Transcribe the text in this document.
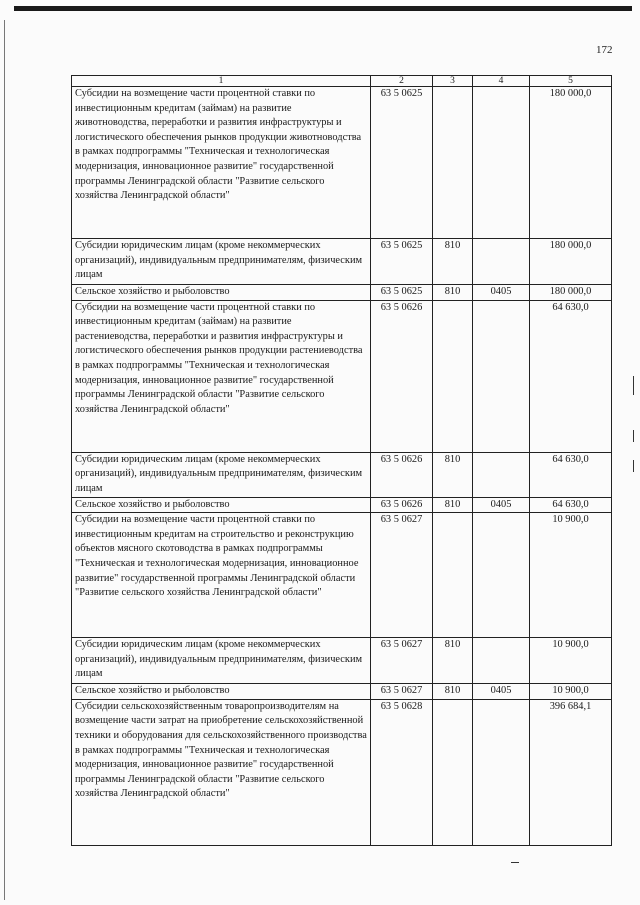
172
1	2	3	4	5
Субсидии на возмещение части процентной ставки по инвестиционным кредитам (займам) на развитие животноводства, переработки и развития инфраструктуры и логистического обеспечения рынков продукции животноводства в рамках подпрограммы "Техническая и технологическая модернизация, инновационное развитие" государственной программы Ленинградской области "Развитие сельского хозяйства Ленинградской области"	63 5 0625			180 000,0
Субсидии юридическим лицам (кроме некоммерческих организаций), индивидуальным предпринимателям, физическим лицам	63 5 0625	810		180 000,0
Сельское хозяйство и рыболовство	63 5 0625	810	0405	180 000,0
Субсидии на возмещение части процентной ставки по инвестиционным кредитам (займам) на развитие растениеводства, переработки и развития инфраструктуры и логистического обеспечения рынков продукции растениеводства в рамках подпрограммы "Техническая и технологическая модернизация, инновационное развитие" государственной программы Ленинградской области "Развитие сельского хозяйства Ленинградской области"	63 5 0626			64 630,0
Субсидии юридическим лицам (кроме некоммерческих организаций), индивидуальным предпринимателям, физическим лицам	63 5 0626	810		64 630,0
Сельское хозяйство и рыболовство	63 5 0626	810	0405	64 630,0
Субсидии на возмещение части процентной ставки по инвестиционным кредитам на строительство и реконструкцию объектов мясного скотоводства в рамках подпрограммы "Техническая и технологическая модернизация, инновационное развитие" государственной программы Ленинградской области "Развитие сельского хозяйства Ленинградской области"	63 5 0627			10 900,0
Субсидии юридическим лицам (кроме некоммерческих организаций), индивидуальным предпринимателям, физическим лицам	63 5 0627	810		10 900,0
Сельское хозяйство и рыболовство	63 5 0627	810	0405	10 900,0
Субсидии сельскохозяйственным товаропроизводителям на возмещение части затрат на приобретение сельскохозяйственной техники и оборудования для сельскохозяйственного производства в рамках подпрограммы "Техническая и технологическая модернизация, инновационное развитие" государственной программы Ленинградской области "Развитие сельского хозяйства Ленинградской области"	63 5 0628			396 684,1
